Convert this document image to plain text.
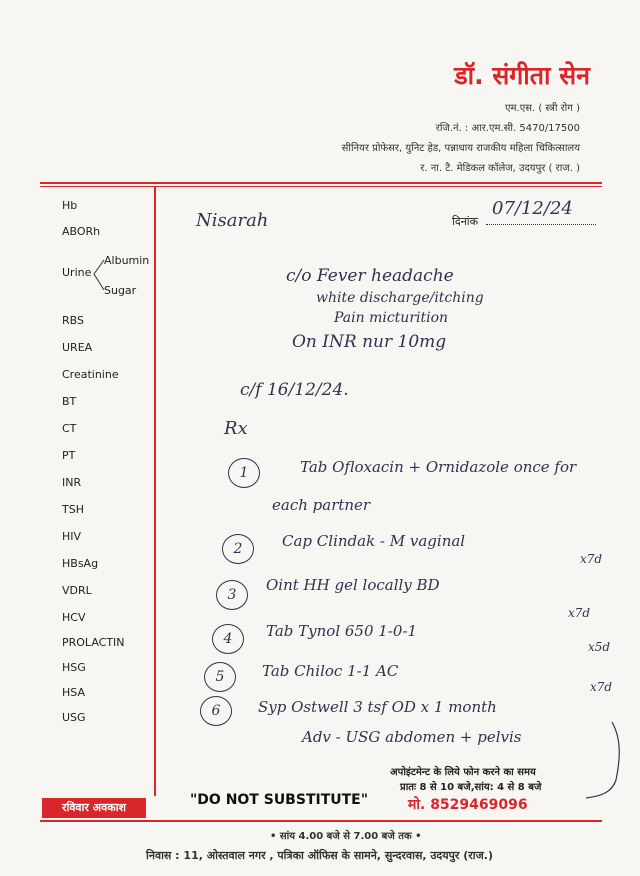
डॉ. संगीता सेन
एम.एस. ( स्त्री रोग )
रजि.नं. : आर.एम.सी. 5470/17500
सीनियर प्रोफेसर, युनिट हेड, पन्नाधाय राजकीय महिला चिकित्सालय
र. ना. टै. मेडिकल कॉलेज, उदयपुर ( राज. )
Hb
ABORh
Urine
Albumin
Sugar
RBS
UREA
Creatinine
BT
CT
PT
INR
TSH
HIV
HBsAg
VDRL
HCV
PROLACTIN
HSG
HSA
USG
दिनांक
07/12/24
Nisarah
c/o Fever headache
white discharge/itching
Pain micturition
On INR nur 10mg
c/f 16/12/24.
Rx
1	Tab Ofloxacin + Ornidazole once for
each partner
2	Cap Clindak - M vaginal
x7d
3
Oint HH gel locally BD
x7d
4	Tab Tynol 650 1-0-1
x5d
5	Tab Chiloc 1-1 AC
x7d
6	Syp Ostwell 3 tsf OD x 1 month
Adv - USG abdomen + pelvis
अपोइंटमेन्ट के लिये फोन करने का समय
प्रातः 8 से 10 बजे,सांय: 4 से 8 बजे
रविवार अवकाश	"DO NOT SUBSTITUTE"	मो. 8529469096
• सांय 4.00 बजे से 7.00 बजे तक •
निवास : 11, ओस्तवाल नगर , पत्रिका ऑफिस के सामने, सुन्दरवास, उदयपुर (राज.)
